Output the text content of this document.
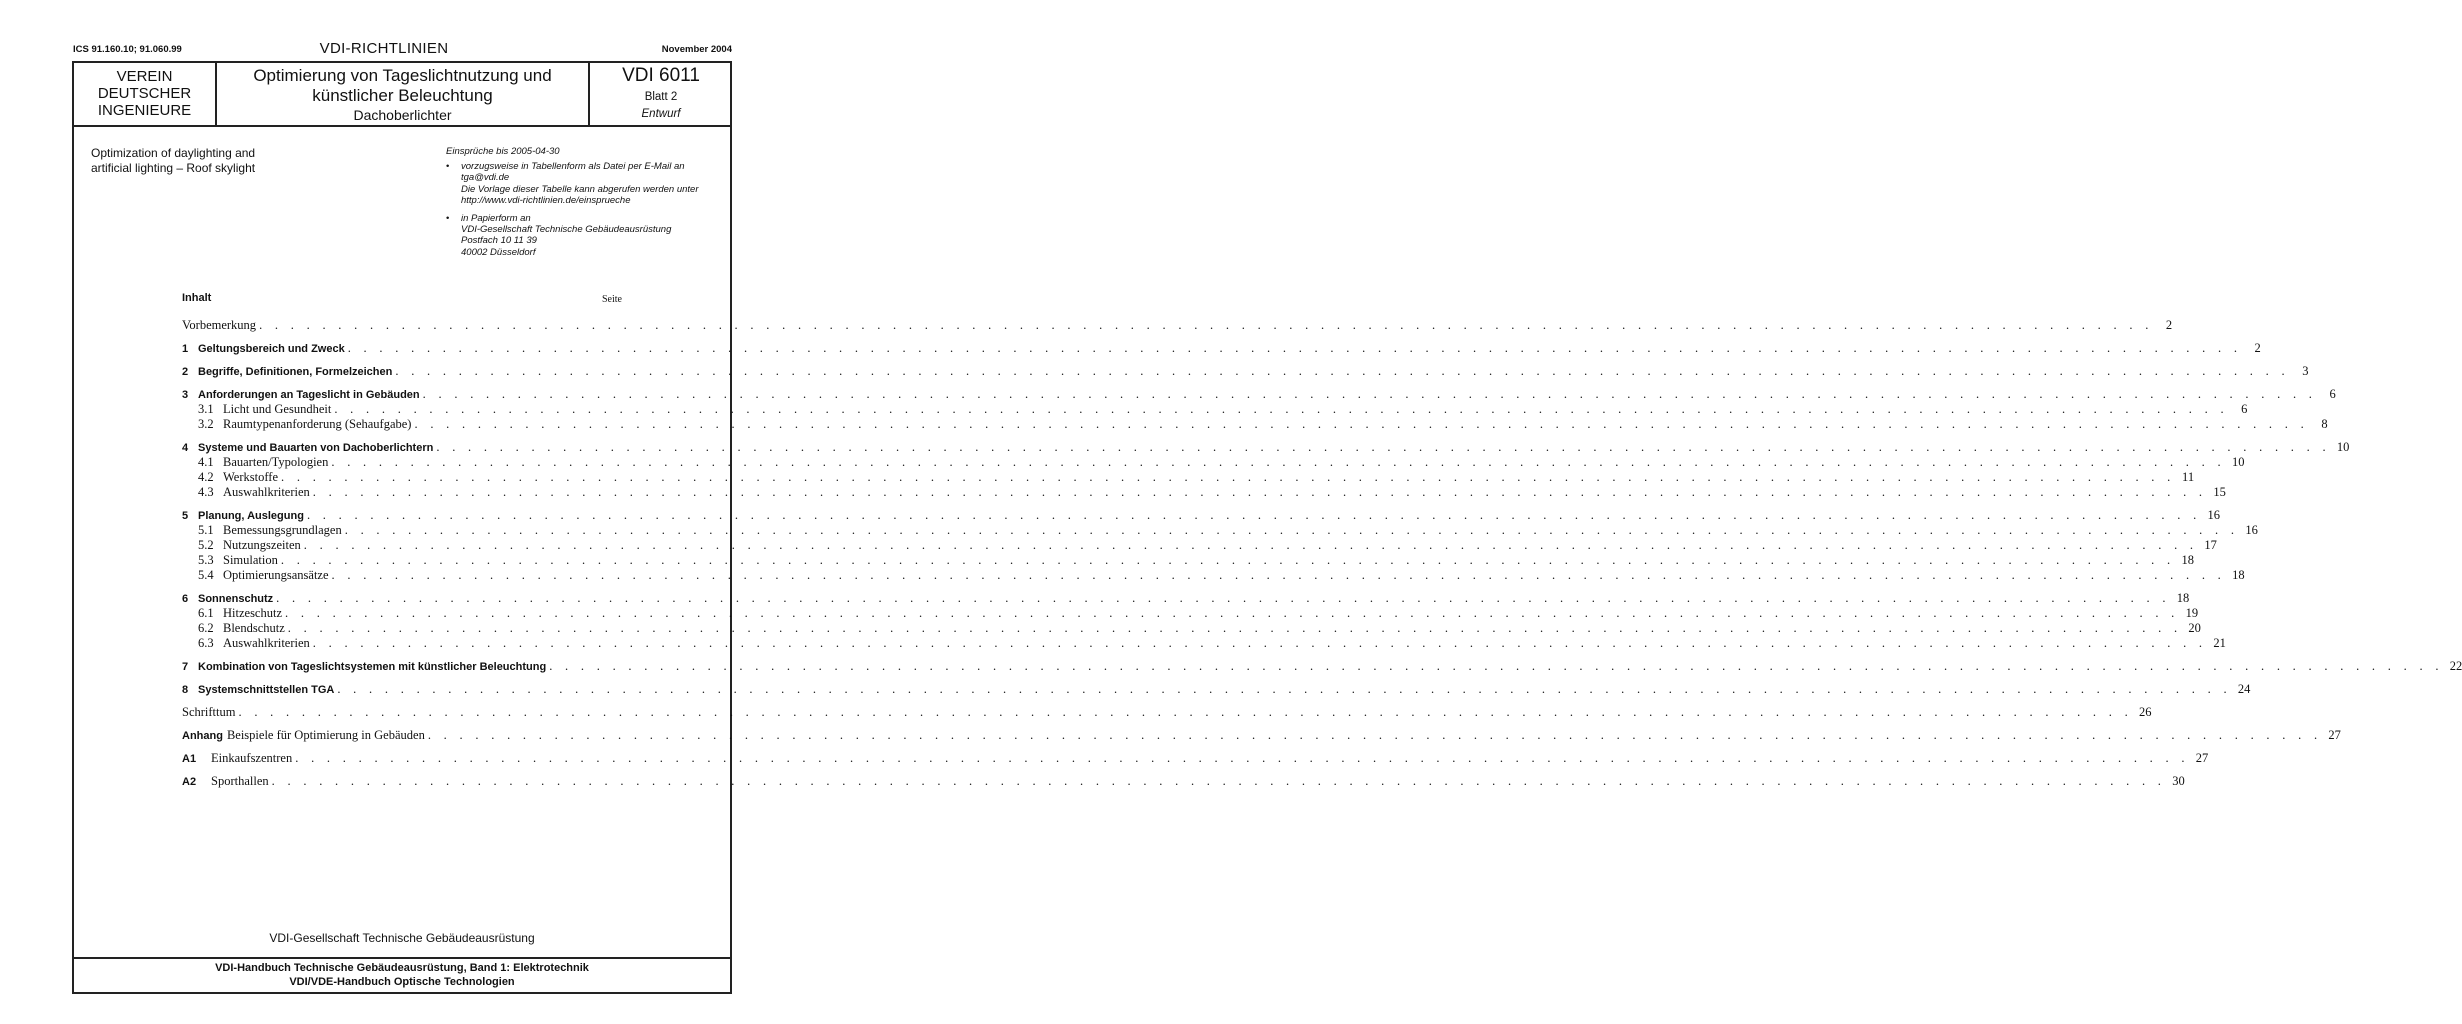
ICS 91.160.10; 91.060.99	VDI-RICHTLINIEN	November 2004
VEREIN
DEUTSCHER
INGENIEURE
Optimierung von Tageslichtnutzung und
künstlicher Beleuchtung
Dachoberlichter
VDI 6011
Blatt 2
Entwurf
Optimization of daylighting and
artificial lighting – Roof skylight
Einsprüche bis 2005-04-30
• vorzugsweise in Tabellenform als Datei per E-Mail an
tga@vdi.de
Die Vorlage dieser Tabelle kann abgerufen werden unter
http://www.vdi-richtlinien.de/einsprueche
• in Papierform an
VDI-Gesellschaft Technische Gebäudeausrüstung
Postfach 10 11 39
40002 Düsseldorf
Inhalt	Seite
Vorbemerkung . . . . . . . . . . . . . . . . . . . . . . . . . . . . . . . . . . . . . . . . . . . . . . . . . . . . . . . . . . . . . . . . . . . . . . . . . . . . . . . . . . . . . . . . . . . . . . . . . . . . . . . . . . . . . . . . . . . . . . . .	2
1 Geltungsbereich und Zweck . . . . . . . . . . . . . . . . . . . . . . . . . . . . . . . . . . . . . . . . . . . . . . . . . . . . . . . . . . . . . . . . . . . . . . . . . . . . . . . . . . . . . . . . . . . . . . . . . . . . . . . . . . . . . . . . . . . . . . . .	2
2 Begriffe, Definitionen, Formelzeichen . . . . . . . . . . . . . . . . . . . . . . . . . . . . . . . . . . . . . . . . . . . . . . . . . . . . . . . . . . . . . . . . . . . . . . . . . . . . . . . . . . . . . . . . . . . . . . . . . . . . . . . . . . . . . . . . . . . . . . . .	3
3 Anforderungen an Tageslicht in Gebäuden . . . . . . . . . . . . . . . . . . . . . . . . . . . . . . . . . . . . . . . . . . . . . . . . . . . . . . . . . . . . . . . . . . . . . . . . . . . . . . . . . . . . . . . . . . . . . . . . . . . . . . . . . . . . . . . . . . . . . . . .	6
3.1 Licht und Gesundheit . . . . . . . . . . . . . . . . . . . . . . . . . . . . . . . . . . . . . . . . . . . . . . . . . . . . . . . . . . . . . . . . . . . . . . . . . . . . . . . . . . . . . . . . . . . . . . . . . . . . . . . . . . . . . . . . . . . . . . . .	6
3.2 Raumtypenanforderung (Sehaufgabe) . . . . . . . . . . . . . . . . . . . . . . . . . . . . . . . . . . . . . . . . . . . . . . . . . . . . . . . . . . . . . . . . . . . . . . . . . . . . . . . . . . . . . . . . . . . . . . . . . . . . . . . . . . . . . . . . . . . . . . . .	8
4 Systeme und Bauarten von Dachoberlichtern . . . . . . . . . . . . . . . . . . . . . . . . . . . . . . . . . . . . . . . . . . . . . . . . . . . . . . . . . . . . . . . . . . . . . . . . . . . . . . . . . . . . . . . . . . . . . . . . . . . . . . . . . . . . . . . . . . . . . . . . 10
4.1 Bauarten/Typologien . . . . . . . . . . . . . . . . . . . . . . . . . . . . . . . . . . . . . . . . . . . . . . . . . . . . . . . . . . . . . . . . . . . . . . . . . . . . . . . . . . . . . . . . . . . . . . . . . . . . . . . . . . . . . . . . . . . . . . . . 10
4.2 Werkstoffe . . . . . . . . . . . . . . . . . . . . . . . . . . . . . . . . . . . . . . . . . . . . . . . . . . . . . . . . . . . . . . . . . . . . . . . . . . . . . . . . . . . . . . . . . . . . . . . . . . . . . . . . . . . . . . . . . . . . . . . . 11
4.3 Auswahlkriterien . . . . . . . . . . . . . . . . . . . . . . . . . . . . . . . . . . . . . . . . . . . . . . . . . . . . . . . . . . . . . . . . . . . . . . . . . . . . . . . . . . . . . . . . . . . . . . . . . . . . . . . . . . . . . . . . . . . . . . . . 15
5 Planung, Auslegung . . . . . . . . . . . . . . . . . . . . . . . . . . . . . . . . . . . . . . . . . . . . . . . . . . . . . . . . . . . . . . . . . . . . . . . . . . . . . . . . . . . . . . . . . . . . . . . . . . . . . . . . . . . . . . . . . . . . . . . . 16
5.1 Bemessungsgrundlagen . . . . . . . . . . . . . . . . . . . . . . . . . . . . . . . . . . . . . . . . . . . . . . . . . . . . . . . . . . . . . . . . . . . . . . . . . . . . . . . . . . . . . . . . . . . . . . . . . . . . . . . . . . . . . . . . . . . . . . . . 16
5.2 Nutzungszeiten . . . . . . . . . . . . . . . . . . . . . . . . . . . . . . . . . . . . . . . . . . . . . . . . . . . . . . . . . . . . . . . . . . . . . . . . . . . . . . . . . . . . . . . . . . . . . . . . . . . . . . . . . . . . . . . . . . . . . . . . 17
5.3 Simulation . . . . . . . . . . . . . . . . . . . . . . . . . . . . . . . . . . . . . . . . . . . . . . . . . . . . . . . . . . . . . . . . . . . . . . . . . . . . . . . . . . . . . . . . . . . . . . . . . . . . . . . . . . . . . . . . . . . . . . . . 18
5.4 Optimierungsansätze . . . . . . . . . . . . . . . . . . . . . . . . . . . . . . . . . . . . . . . . . . . . . . . . . . . . . . . . . . . . . . . . . . . . . . . . . . . . . . . . . . . . . . . . . . . . . . . . . . . . . . . . . . . . . . . . . . . . . . . . 18
6 Sonnenschutz . . . . . . . . . . . . . . . . . . . . . . . . . . . . . . . . . . . . . . . . . . . . . . . . . . . . . . . . . . . . . . . . . . . . . . . . . . . . . . . . . . . . . . . . . . . . . . . . . . . . . . . . . . . . . . . . . . . . . . . . 18
6.1 Hitzeschutz . . . . . . . . . . . . . . . . . . . . . . . . . . . . . . . . . . . . . . . . . . . . . . . . . . . . . . . . . . . . . . . . . . . . . . . . . . . . . . . . . . . . . . . . . . . . . . . . . . . . . . . . . . . . . . . . . . . . . . . . 19
6.2 Blendschutz . . . . . . . . . . . . . . . . . . . . . . . . . . . . . . . . . . . . . . . . . . . . . . . . . . . . . . . . . . . . . . . . . . . . . . . . . . . . . . . . . . . . . . . . . . . . . . . . . . . . . . . . . . . . . . . . . . . . . . . . 20
6.3 Auswahlkriterien . . . . . . . . . . . . . . . . . . . . . . . . . . . . . . . . . . . . . . . . . . . . . . . . . . . . . . . . . . . . . . . . . . . . . . . . . . . . . . . . . . . . . . . . . . . . . . . . . . . . . . . . . . . . . . . . . . . . . . . . 21
7 Kombination von Tageslichtsystemen mit künstlicher Beleuchtung . . . . . . . . . . . . . . . . . . . . . . . . . . . . . . . . . . . . . . . . . . . . . . . . . . . . . . . . . . . . . . . . . . . . . . . . . . . . . . . . . . . . . . . . . . . . . . . . . . . . . . . . . . . . . . . . . . . . . . . . 22
8 Systemschnittstellen TGA . . . . . . . . . . . . . . . . . . . . . . . . . . . . . . . . . . . . . . . . . . . . . . . . . . . . . . . . . . . . . . . . . . . . . . . . . . . . . . . . . . . . . . . . . . . . . . . . . . . . . . . . . . . . . . . . . . . . . . . . 24
Schrifttum . . . . . . . . . . . . . . . . . . . . . . . . . . . . . . . . . . . . . . . . . . . . . . . . . . . . . . . . . . . . . . . . . . . . . . . . . . . . . . . . . . . . . . . . . . . . . . . . . . . . . . . . . . . . . . . . . . . . . . . . 26
Anhang Beispiele für Optimierung in Gebäuden . . . . . . . . . . . . . . . . . . . . . . . . . . . . . . . . . . . . . . . . . . . . . . . . . . . . . . . . . . . . . . . . . . . . . . . . . . . . . . . . . . . . . . . . . . . . . . . . . . . . . . . . . . . . . . . . . . . . . . . . 27
A1 Einkaufszentren . . . . . . . . . . . . . . . . . . . . . . . . . . . . . . . . . . . . . . . . . . . . . . . . . . . . . . . . . . . . . . . . . . . . . . . . . . . . . . . . . . . . . . . . . . . . . . . . . . . . . . . . . . . . . . . . . . . . . . . . 27
A2 Sporthallen . . . . . . . . . . . . . . . . . . . . . . . . . . . . . . . . . . . . . . . . . . . . . . . . . . . . . . . . . . . . . . . . . . . . . . . . . . . . . . . . . . . . . . . . . . . . . . . . . . . . . . . . . . . . . . . . . . . . . . . . 30
VDI-Gesellschaft Technische Gebäudeausrüstung
VDI-Handbuch Technische Gebäudeausrüstung, Band 1: Elektrotechnik
VDI/VDE-Handbuch Optische Technologien
